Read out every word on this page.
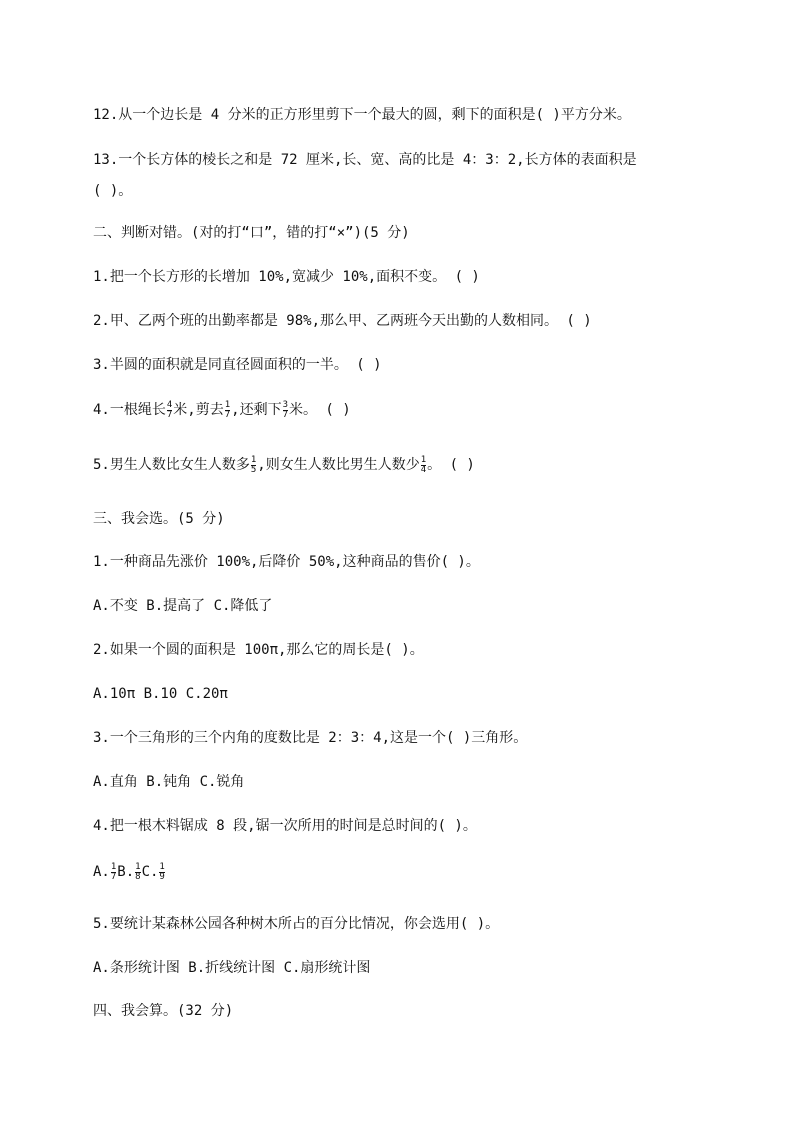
12.从一个边长是 4 分米的正方形里剪下一个最大的圆，剩下的面积是( )平方分米。
13.一个长方体的棱长之和是 72 厘米,长、宽、高的比是 4：3：2,长方体的表面积是
( )。
二、判断对错。(对的打“口”，错的打“×”)(5 分)
1.把一个长方形的长增加 10%,宽减少 10%,面积不变。 ( )
2.甲、乙两个班的出勤率都是 98%,那么甲、乙两班今天出勤的人数相同。 ( )
3.半圆的面积就是同直径圆面积的一半。 ( )
4.一根绳长 $\frac{4}{7}$ 米,剪去 $\frac{1}{7}$ ,还剩下 $\frac{3}{7}$ 米。 ( )
5.男生人数比女生人数多 $\frac{1}{5}$ ,则女生人数比男生人数少 $\frac{1}{4}$ 。 ( )
三、我会选。(5 分)
1.一种商品先涨价 100%,后降价 50%,这种商品的售价( )。
A.不变 B.提高了 C.降低了
2.如果一个圆的面积是 100π,那么它的周长是( )。
A.10π B.10 C.20π
3.一个三角形的三个内角的度数比是 2：3：4,这是一个( )三角形。
A.直角 B.钝角 C.锐角
4.把一根木料锯成 8 段,锯一次所用的时间是总时间的( )。
A. $\frac{1}{7} B$. $\frac{1}{8} C$. $\frac{1}{9}$
5.要统计某森林公园各种树木所占的百分比情况，你会选用( )。
A.条形统计图 B.折线统计图 C.扇形统计图
四、我会算。(32 分)
